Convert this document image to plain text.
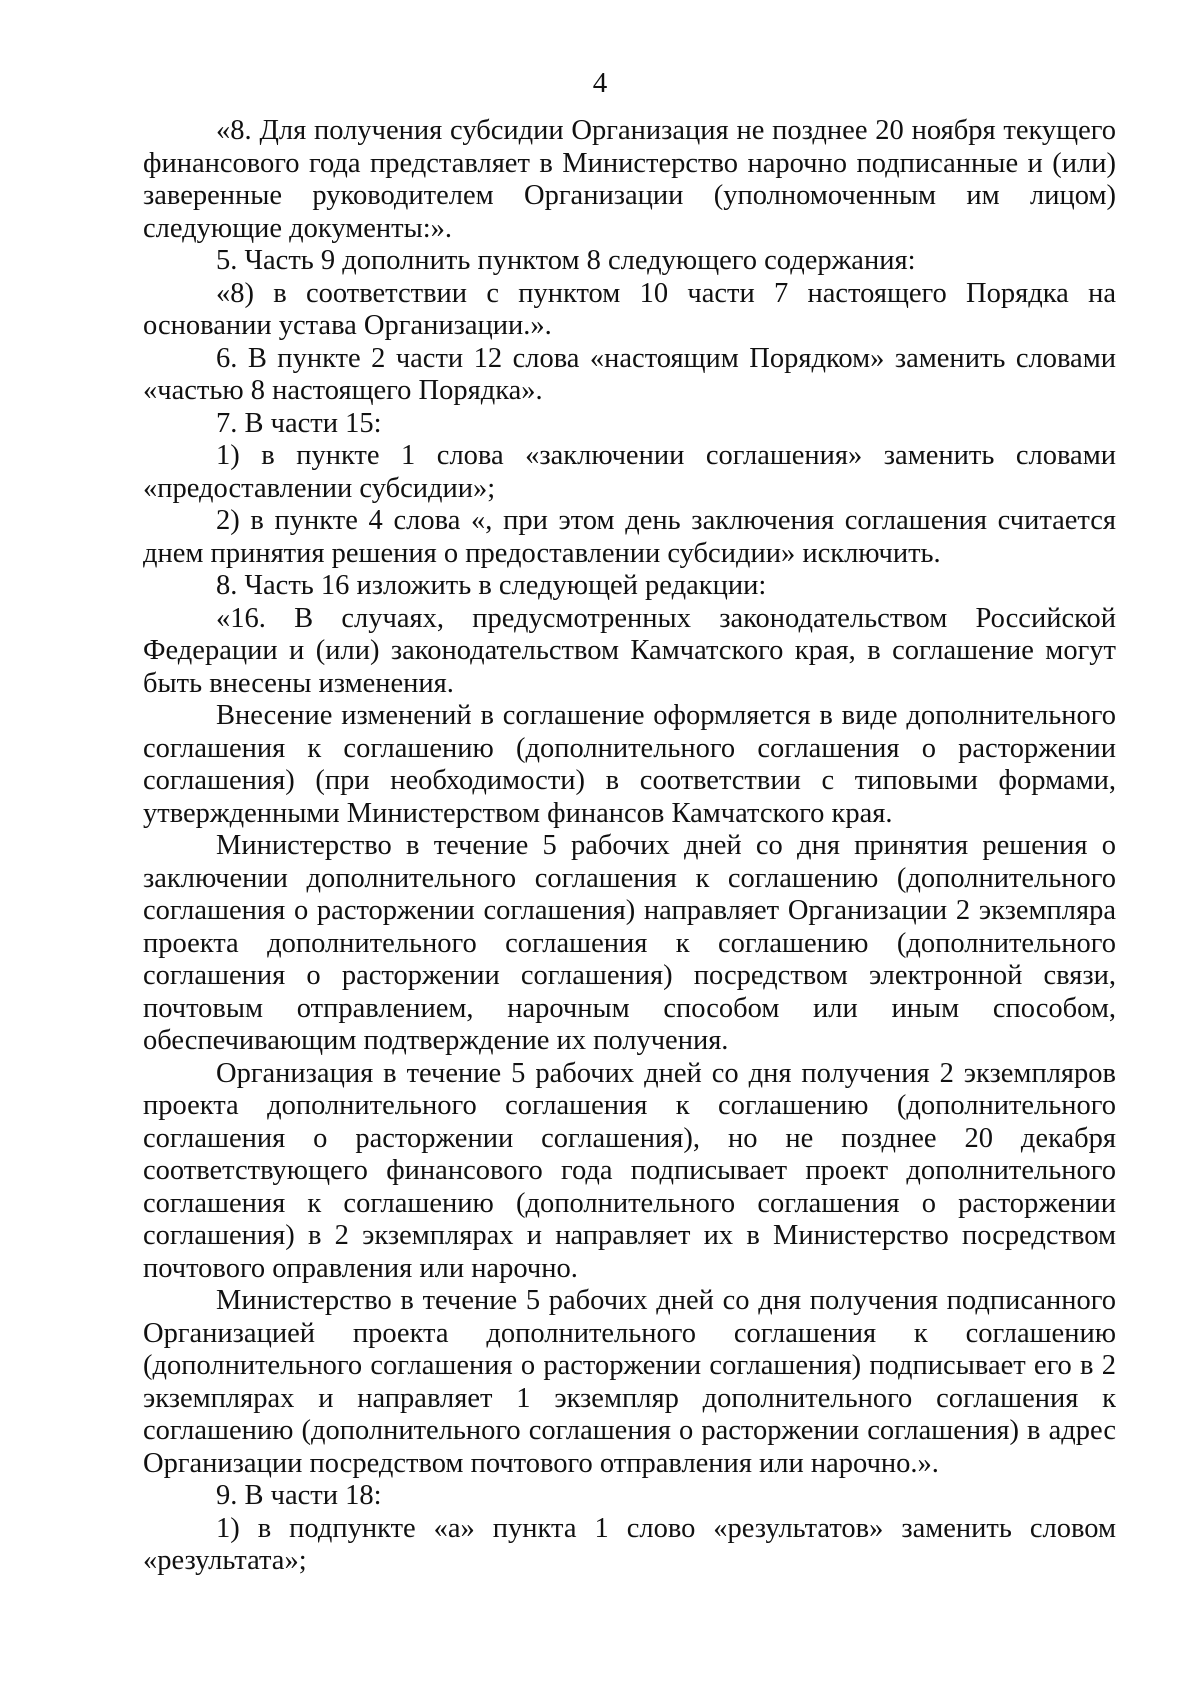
4

«8. Для получения субсидии Организация не позднее 20 ноября текущего финансового года представляет в Министерство нарочно подписанные и (или) заверенные руководителем Организации (уполномоченным им лицом) следующие документы:».

5. Часть 9 дополнить пунктом 8 следующего содержания:

«8) в соответствии с пунктом 10 части 7 настоящего Порядка на основании устава Организации.».

6. В пункте 2 части 12 слова «настоящим Порядком» заменить словами «частью 8 настоящего Порядка».

7. В части 15:

1) в пункте 1 слова «заключении соглашения» заменить словами «предоставлении субсидии»;

2) в пункте 4 слова «, при этом день заключения соглашения считается днем принятия решения о предоставлении субсидии» исключить.

8. Часть 16 изложить в следующей редакции:

«16. В случаях, предусмотренных законодательством Российской Федерации и (или) законодательством Камчатского края, в соглашение могут быть внесены изменения.

Внесение изменений в соглашение оформляется в виде дополнительного соглашения к соглашению (дополнительного соглашения о расторжении соглашения) (при необходимости) в соответствии с типовыми формами, утвержденными Министерством финансов Камчатского края.

Министерство в течение 5 рабочих дней со дня принятия решения о заключении дополнительного соглашения к соглашению (дополнительного соглашения о расторжении соглашения) направляет Организации 2 экземпляра проекта дополнительного соглашения к соглашению (дополнительного соглашения о расторжении соглашения) посредством электронной связи, почтовым отправлением, нарочным способом или иным способом, обеспечивающим подтверждение их получения.

Организация в течение 5 рабочих дней со дня получения 2 экземпляров проекта дополнительного соглашения к соглашению (дополнительного соглашения о расторжении соглашения), но не позднее 20 декабря соответствующего финансового года подписывает проект дополнительного соглашения к соглашению (дополнительного соглашения о расторжении соглашения) в 2 экземплярах и направляет их в Министерство посредством почтового оправления или нарочно.

Министерство в течение 5 рабочих дней со дня получения подписанного Организацией проекта дополнительного соглашения к соглашению (дополнительного соглашения о расторжении соглашения) подписывает его в 2 экземплярах и направляет 1 экземпляр дополнительного соглашения к соглашению (дополнительного соглашения о расторжении соглашения) в адрес Организации посредством почтового отправления или нарочно.».

9. В части 18:

1) в подпункте «а» пункта 1 слово «результатов» заменить словом «результата»;
